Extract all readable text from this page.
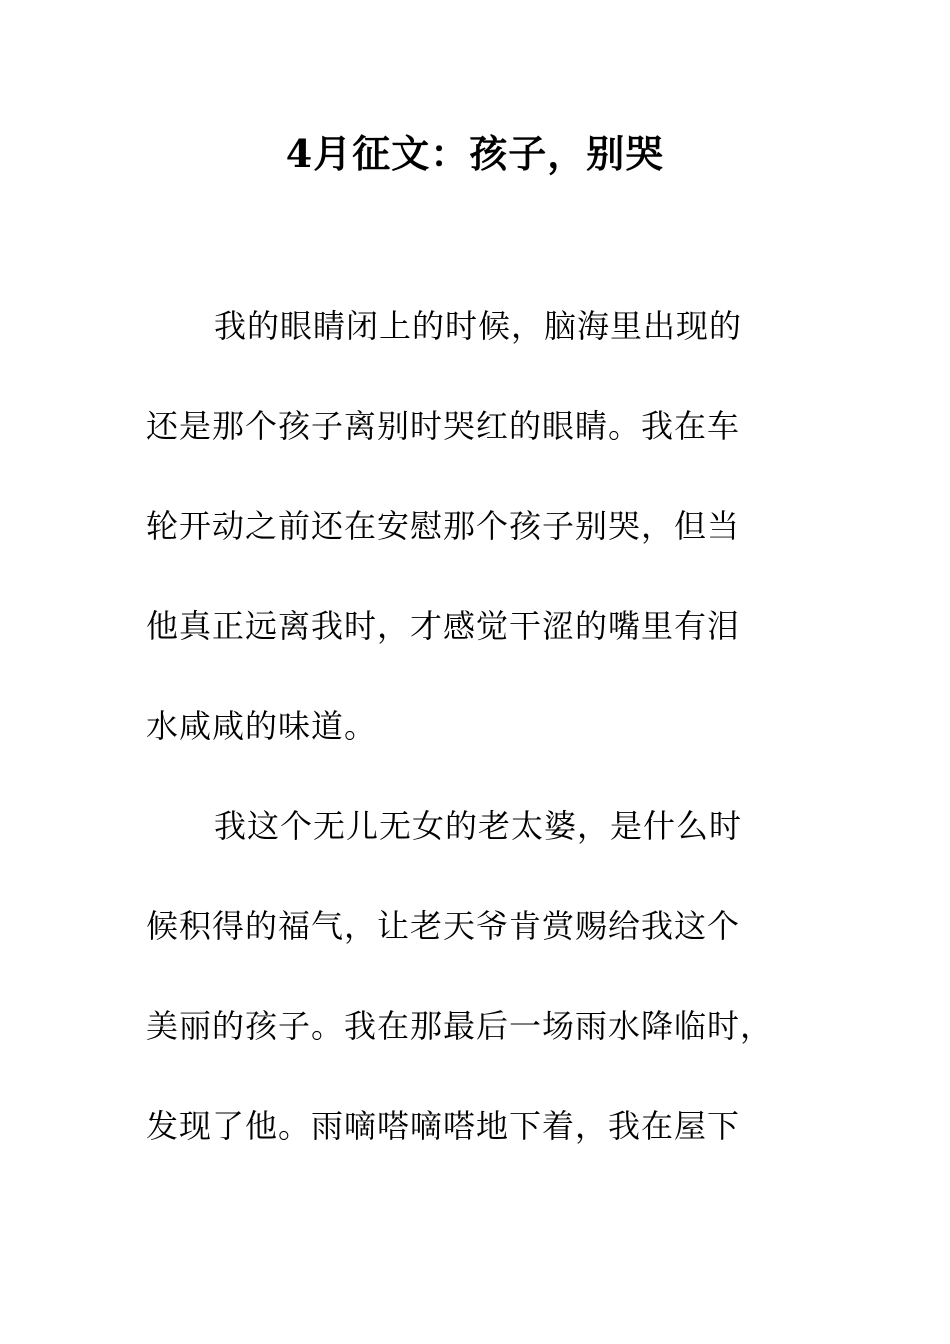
4月征文：孩子，别哭
我的眼睛闭上的时候，脑海里出现的
还是那个孩子离别时哭红的眼睛。我在车
轮开动之前还在安慰那个孩子别哭，但当
他真正远离我时，才感觉干涩的嘴里有泪
水咸咸的味道。
我这个无儿无女的老太婆，是什么时
候积得的福气，让老天爷肯赏赐给我这个
美丽的孩子。我在那最后一场雨水降临时，
发现了他。雨嘀嗒嘀嗒地下着，我在屋下
